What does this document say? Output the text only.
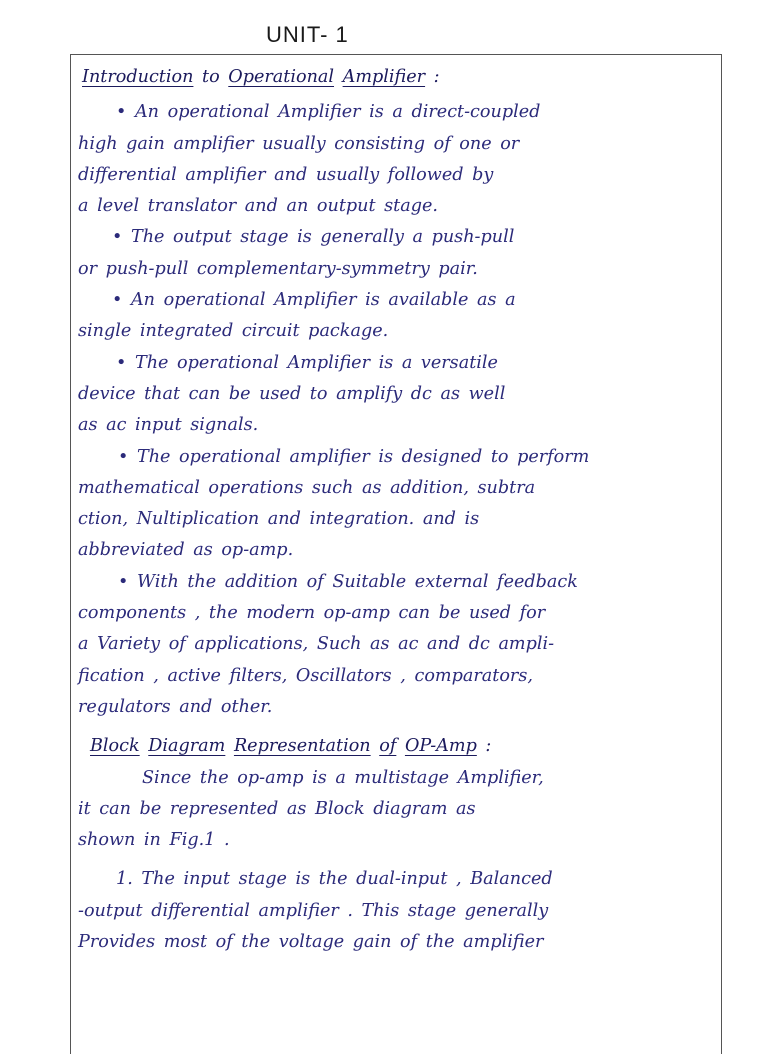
UNIT- 1
Introduction to Operational Amplifier :
• An operational Amplifier is a direct-coupled
high gain amplifier usually consisting of one or
differential amplifier and usually followed by
a level translator and an output stage.
• The output stage is generally a push-pull
or push-pull complementary-symmetry pair.
• An operational Amplifier is available as a
single integrated circuit package.
• The operational Amplifier is a versatile
device that can be used to amplify dc as well
as ac input signals.
• The operational amplifier is designed to perform
mathematical operations such as addition, subtra
ction, Nultiplication and integration. and is
abbreviated as op-amp.
• With the addition of Suitable external feedback
components , the modern op-amp can be used for
a Variety of applications, Such as ac and dc ampli-
fication , active filters, Oscillators , comparators,
regulators and other.
Block Diagram Representation of OP-Amp :
Since the op-amp is a multistage Amplifier,
it can be represented as Block diagram as
shown in Fig.1 .
1. The input stage is the dual-input , Balanced
-output differential amplifier . This stage generally
Provides most of the voltage gain of the amplifier
